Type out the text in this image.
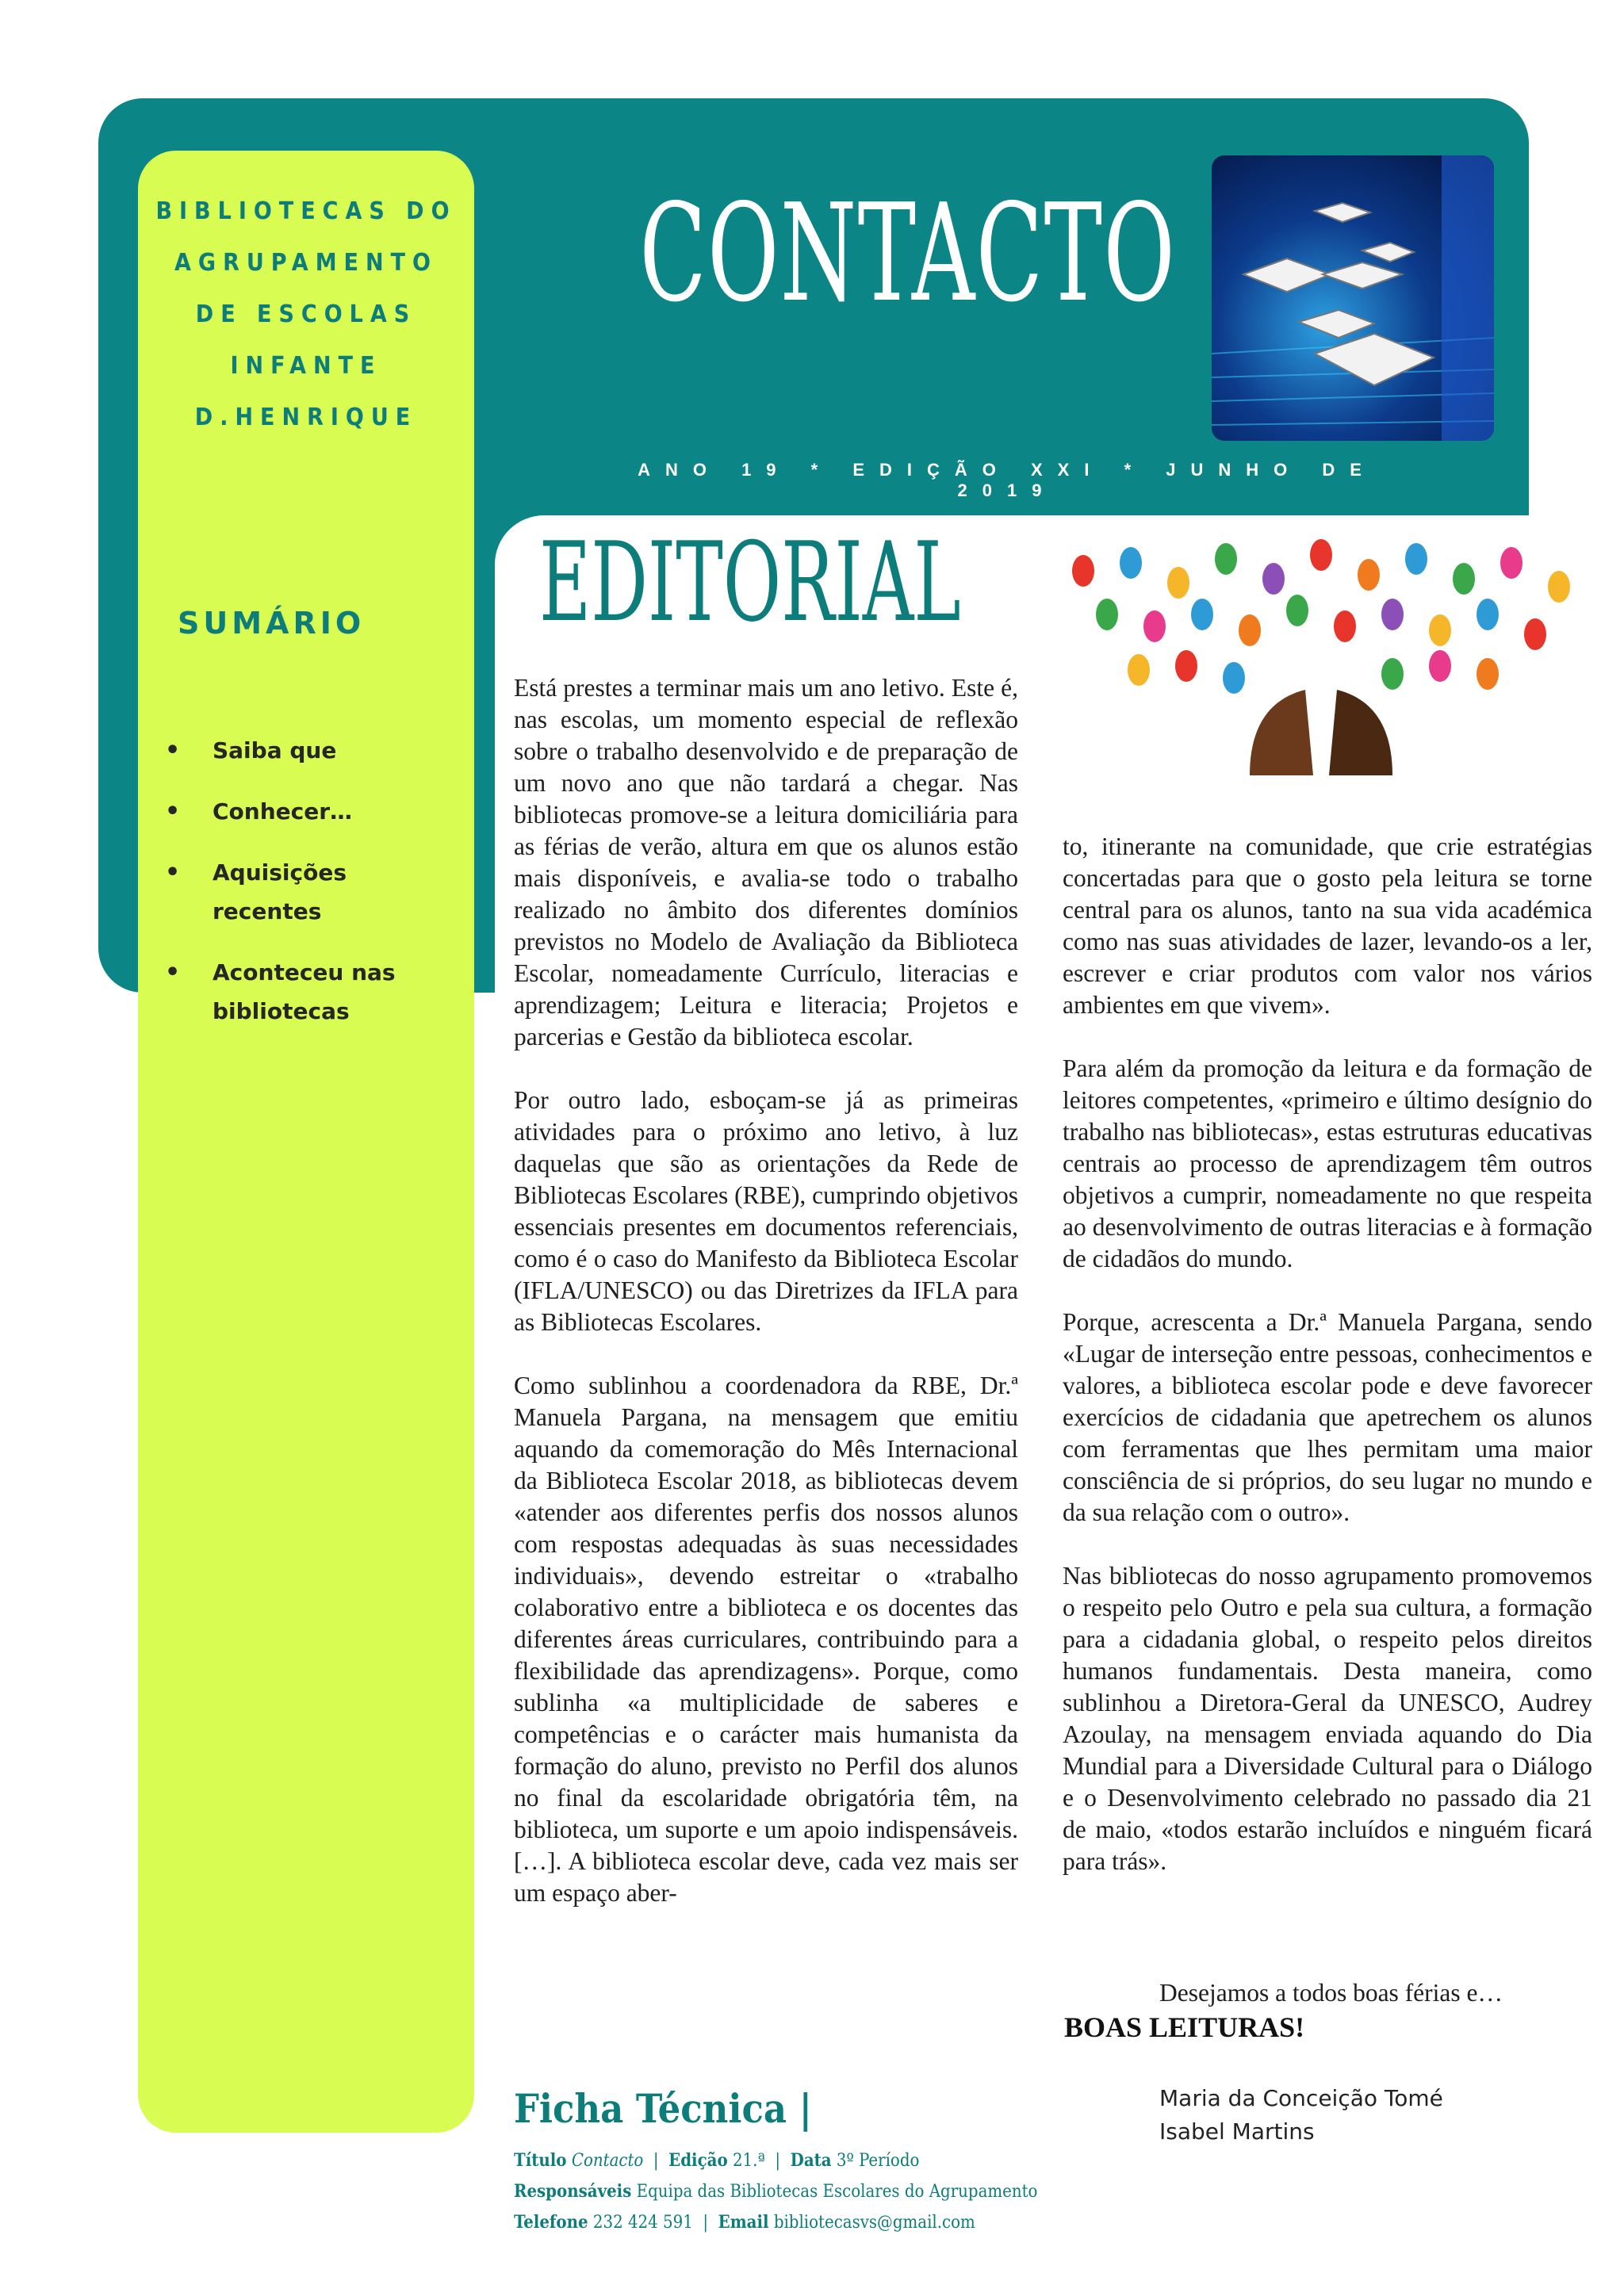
BIBLIOTECAS DO AGRUPAMENTO DE ESCOLAS INFANTE D.HENRIQUE
CONTACTO
ANO 19 * EDIÇÃO XXI * JUNHO DE 2019
SUMÁRIO
• Saiba que
• Conhecer…
• Aquisições recentes
• Aconteceu nas bibliotecas
EDITORIAL

Está prestes a terminar mais um ano letivo. Este é, nas escolas, um momento especial de reflexão sobre o trabalho desenvolvido e de preparação de um novo ano que não tardará a chegar. Nas bibliotecas promove-se a leitura domiciliária para as férias de verão, altura em que os alunos estão mais disponíveis, e avalia-se todo o trabalho realizado no âmbito dos diferentes domínios previstos no Modelo de Avaliação da Biblioteca Escolar, nomeadamente Currículo, literacias e aprendizagem; Leitura e literacia; Projetos e parcerias e Gestão da biblioteca escolar.

Por outro lado, esboçam-se já as primeiras atividades para o próximo ano letivo, à luz daquelas que são as orientações da Rede de Bibliotecas Escolares (RBE), cumprindo objetivos essenciais presentes em documentos referenciais, como é o caso do Manifesto da Biblioteca Escolar (IFLA/UNESCO) ou das Diretrizes da IFLA para as Bibliotecas Escolares.

Como sublinhou a coordenadora da RBE, Dr.ª Manuela Pargana, na mensagem que emitiu aquando da comemoração do Mês Internacional da Biblioteca Escolar 2018, as bibliotecas devem «atender aos diferentes perfis dos nossos alunos com respostas adequadas às suas necessidades individuais», devendo estreitar o «trabalho colaborativo entre a biblioteca e os docentes das diferentes áreas curriculares, contribuindo para a flexibilidade das aprendizagens». Porque, como sublinha «a multiplicidade de saberes e competências e o carácter mais humanista da formação do aluno, previsto no Perfil dos alunos no final da escolaridade obrigatória têm, na biblioteca, um suporte e um apoio indispensáveis. […]. A biblioteca escolar deve, cada vez mais ser um espaço aber-

to, itinerante na comunidade, que crie estratégias concertadas para que o gosto pela leitura se torne central para os alunos, tanto na sua vida académica como nas suas atividades de lazer, levando-os a ler, escrever e criar produtos com valor nos vários ambientes em que vivem».

Para além da promoção da leitura e da formação de leitores competentes, «primeiro e último desígnio do trabalho nas bibliotecas», estas estruturas educativas centrais ao processo de aprendizagem têm outros objetivos a cumprir, nomeadamente no que respeita ao desenvolvimento de outras literacias e à formação de cidadãos do mundo.

Porque, acrescenta a Dr.ª Manuela Pargana, sendo «Lugar de interseção entre pessoas, conhecimentos e valores, a biblioteca escolar pode e deve favorecer exercícios de cidadania que apetrechem os alunos com ferramentas que lhes permitam uma maior consciência de si próprios, do seu lugar no mundo e da sua relação com o outro».

Nas bibliotecas do nosso agrupamento promovemos o respeito pelo Outro e pela sua cultura, a formação para a cidadania global, o respeito pelos direitos humanos fundamentais. Desta maneira, como sublinhou a Diretora-Geral da UNESCO, Audrey Azoulay, na mensagem enviada aquando do Dia Mundial para a Diversidade Cultural para o Diálogo e o Desenvolvimento celebrado no passado dia 21 de maio, «todos estarão incluídos e ninguém ficará para trás».

Desejamos a todos boas férias e…
BOAS LEITURAS!
Maria da Conceição Tomé
Isabel Martins
Ficha Técnica |
Título Contacto  |  Edição 21.ª  |  Data 3º Período
Responsáveis Equipa das Bibliotecas Escolares do Agrupamento
Telefone 232 424 591  |  Email bibliotecasvs@gmail.com
